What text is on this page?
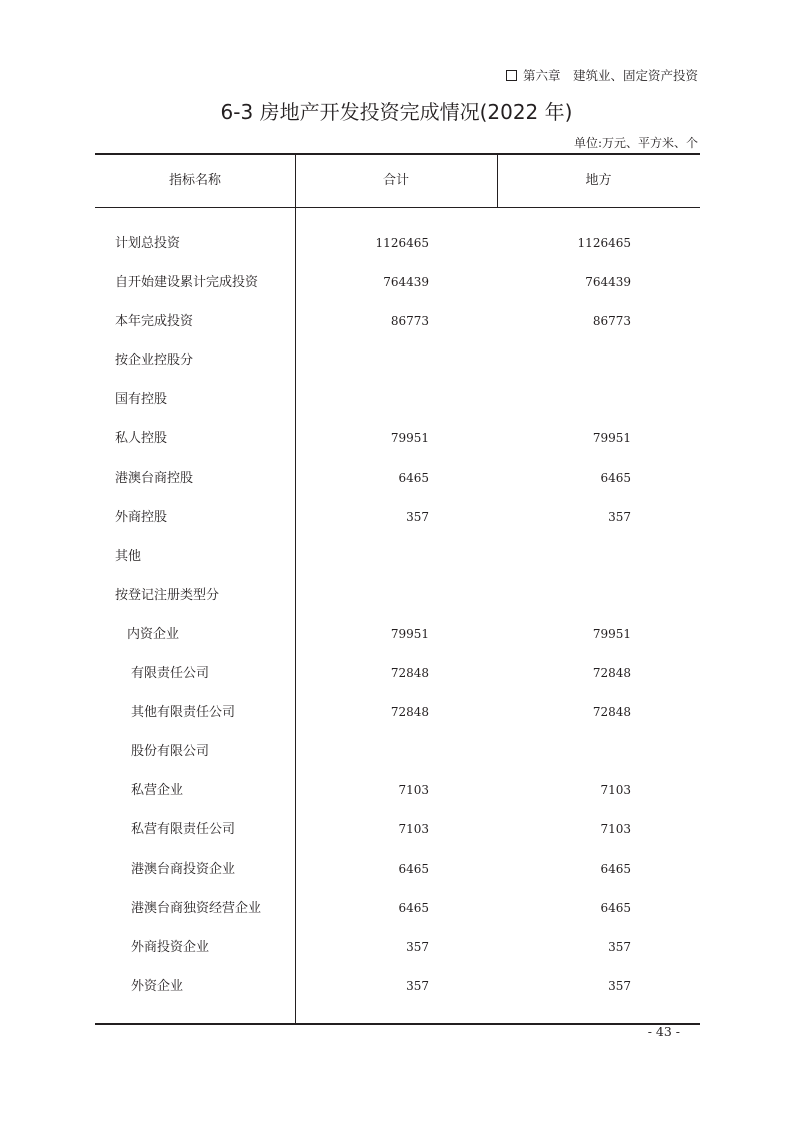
第六章　建筑业、固定资产投资
6-3 房地产开发投资完成情况(2022 年)
单位:万元、平方米、个
指标名称	合计	地方
计划总投资	1126465	1126465
自开始建设累计完成投资	764439	764439
本年完成投资	86773	86773
按企业控股分
国有控股
私人控股	79951	79951
港澳台商控股	6465	6465
外商控股	357	357
其他
按登记注册类型分
内资企业	79951	79951
有限责任公司	72848	72848
其他有限责任公司	72848	72848
股份有限公司
私营企业	7103	7103
私营有限责任公司	7103	7103
港澳台商投资企业	6465	6465
港澳台商独资经营企业	6465	6465
外商投资企业	357	357
外资企业	357	357
- 43 -
